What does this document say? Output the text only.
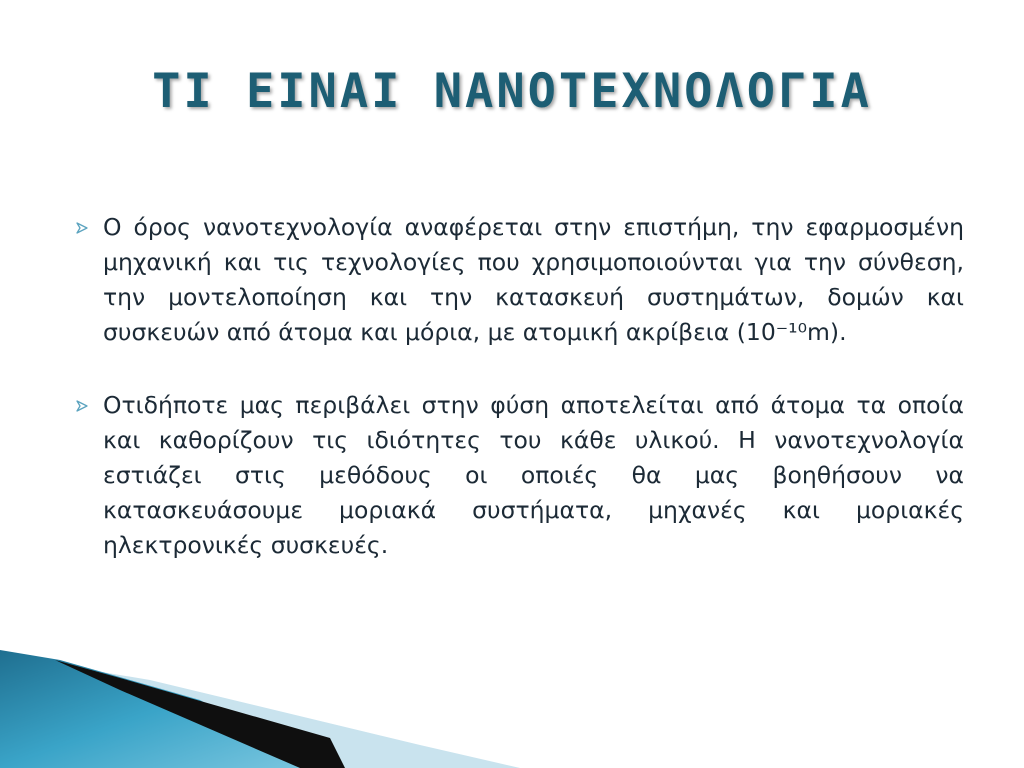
ΤΙ ΕΙΝΑΙ ΝΑΝΟΤΕΧΝΟΛΟΓΙΑ

Ο όρος νανοτεχνολογία αναφέρεται στην επιστήμη, την εφαρμοσμένη μηχανική και τις τεχνολογίες που χρησιμοποιούνται για την σύνθεση, την μοντελοποίηση και την κατασκευή συστημάτων, δομών και συσκευών από άτομα και μόρια, με ατομική ακρίβεια (10⁻¹⁰m).

Οτιδήποτε μας περιβάλει στην φύση αποτελείται από άτομα τα οποία και καθορίζουν τις ιδιότητες του κάθε υλικού. Η νανοτεχνολογία εστιάζει στις μεθόδους οι οποιές θα μας βοηθήσουν να κατασκευάσουμε μοριακά συστήματα, μηχανές και μοριακές ηλεκτρονικές συσκευές.
